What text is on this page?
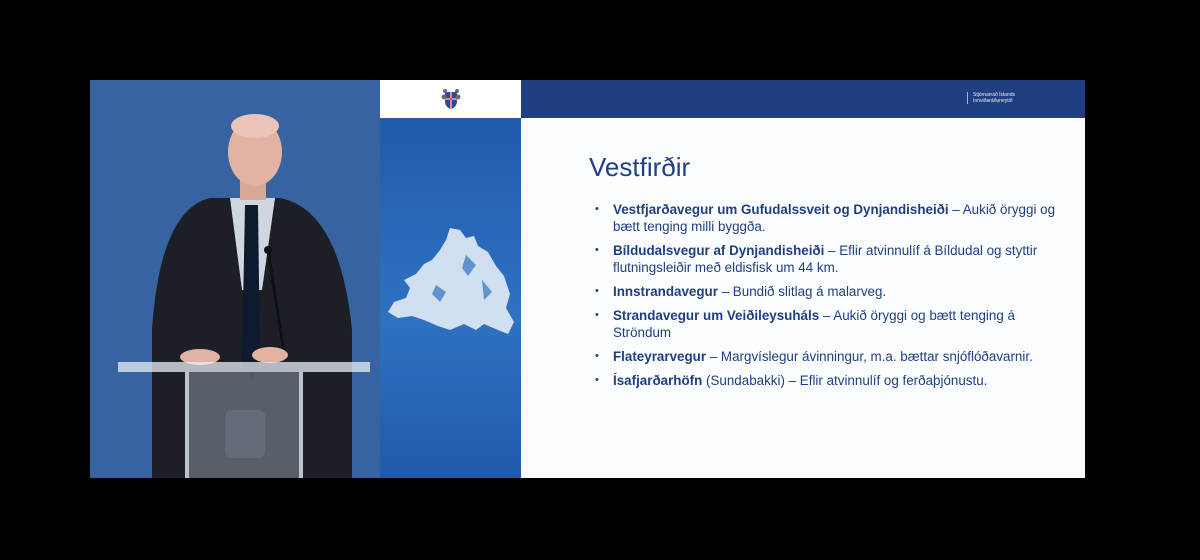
Stjórnarráð Íslands
Innviðaráðuneytið
Vestfirðir
• Vestfjarðavegur um Gufudalssveit og Dynjandisheiði – Aukið öryggi og bætt tenging milli byggða.
• Bíldudalsvegur af Dynjandisheiði – Eflir atvinnulíf á Bíldudal og styttir flutningsleiðir með eldisfisk um 44 km.
• Innstrandavegur – Bundið slitlag á malarveg.
• Strandavegur um Veiðileysuháls – Aukið öryggi og bætt tenging á Ströndum
• Flateyrarvegur – Margvíslegur ávinningur, m.a. bættar snjóflóðavarnir.
• Ísafjarðarhöfn (Sundabakki) – Eflir atvinnulíf og ferðaþjónustu.
